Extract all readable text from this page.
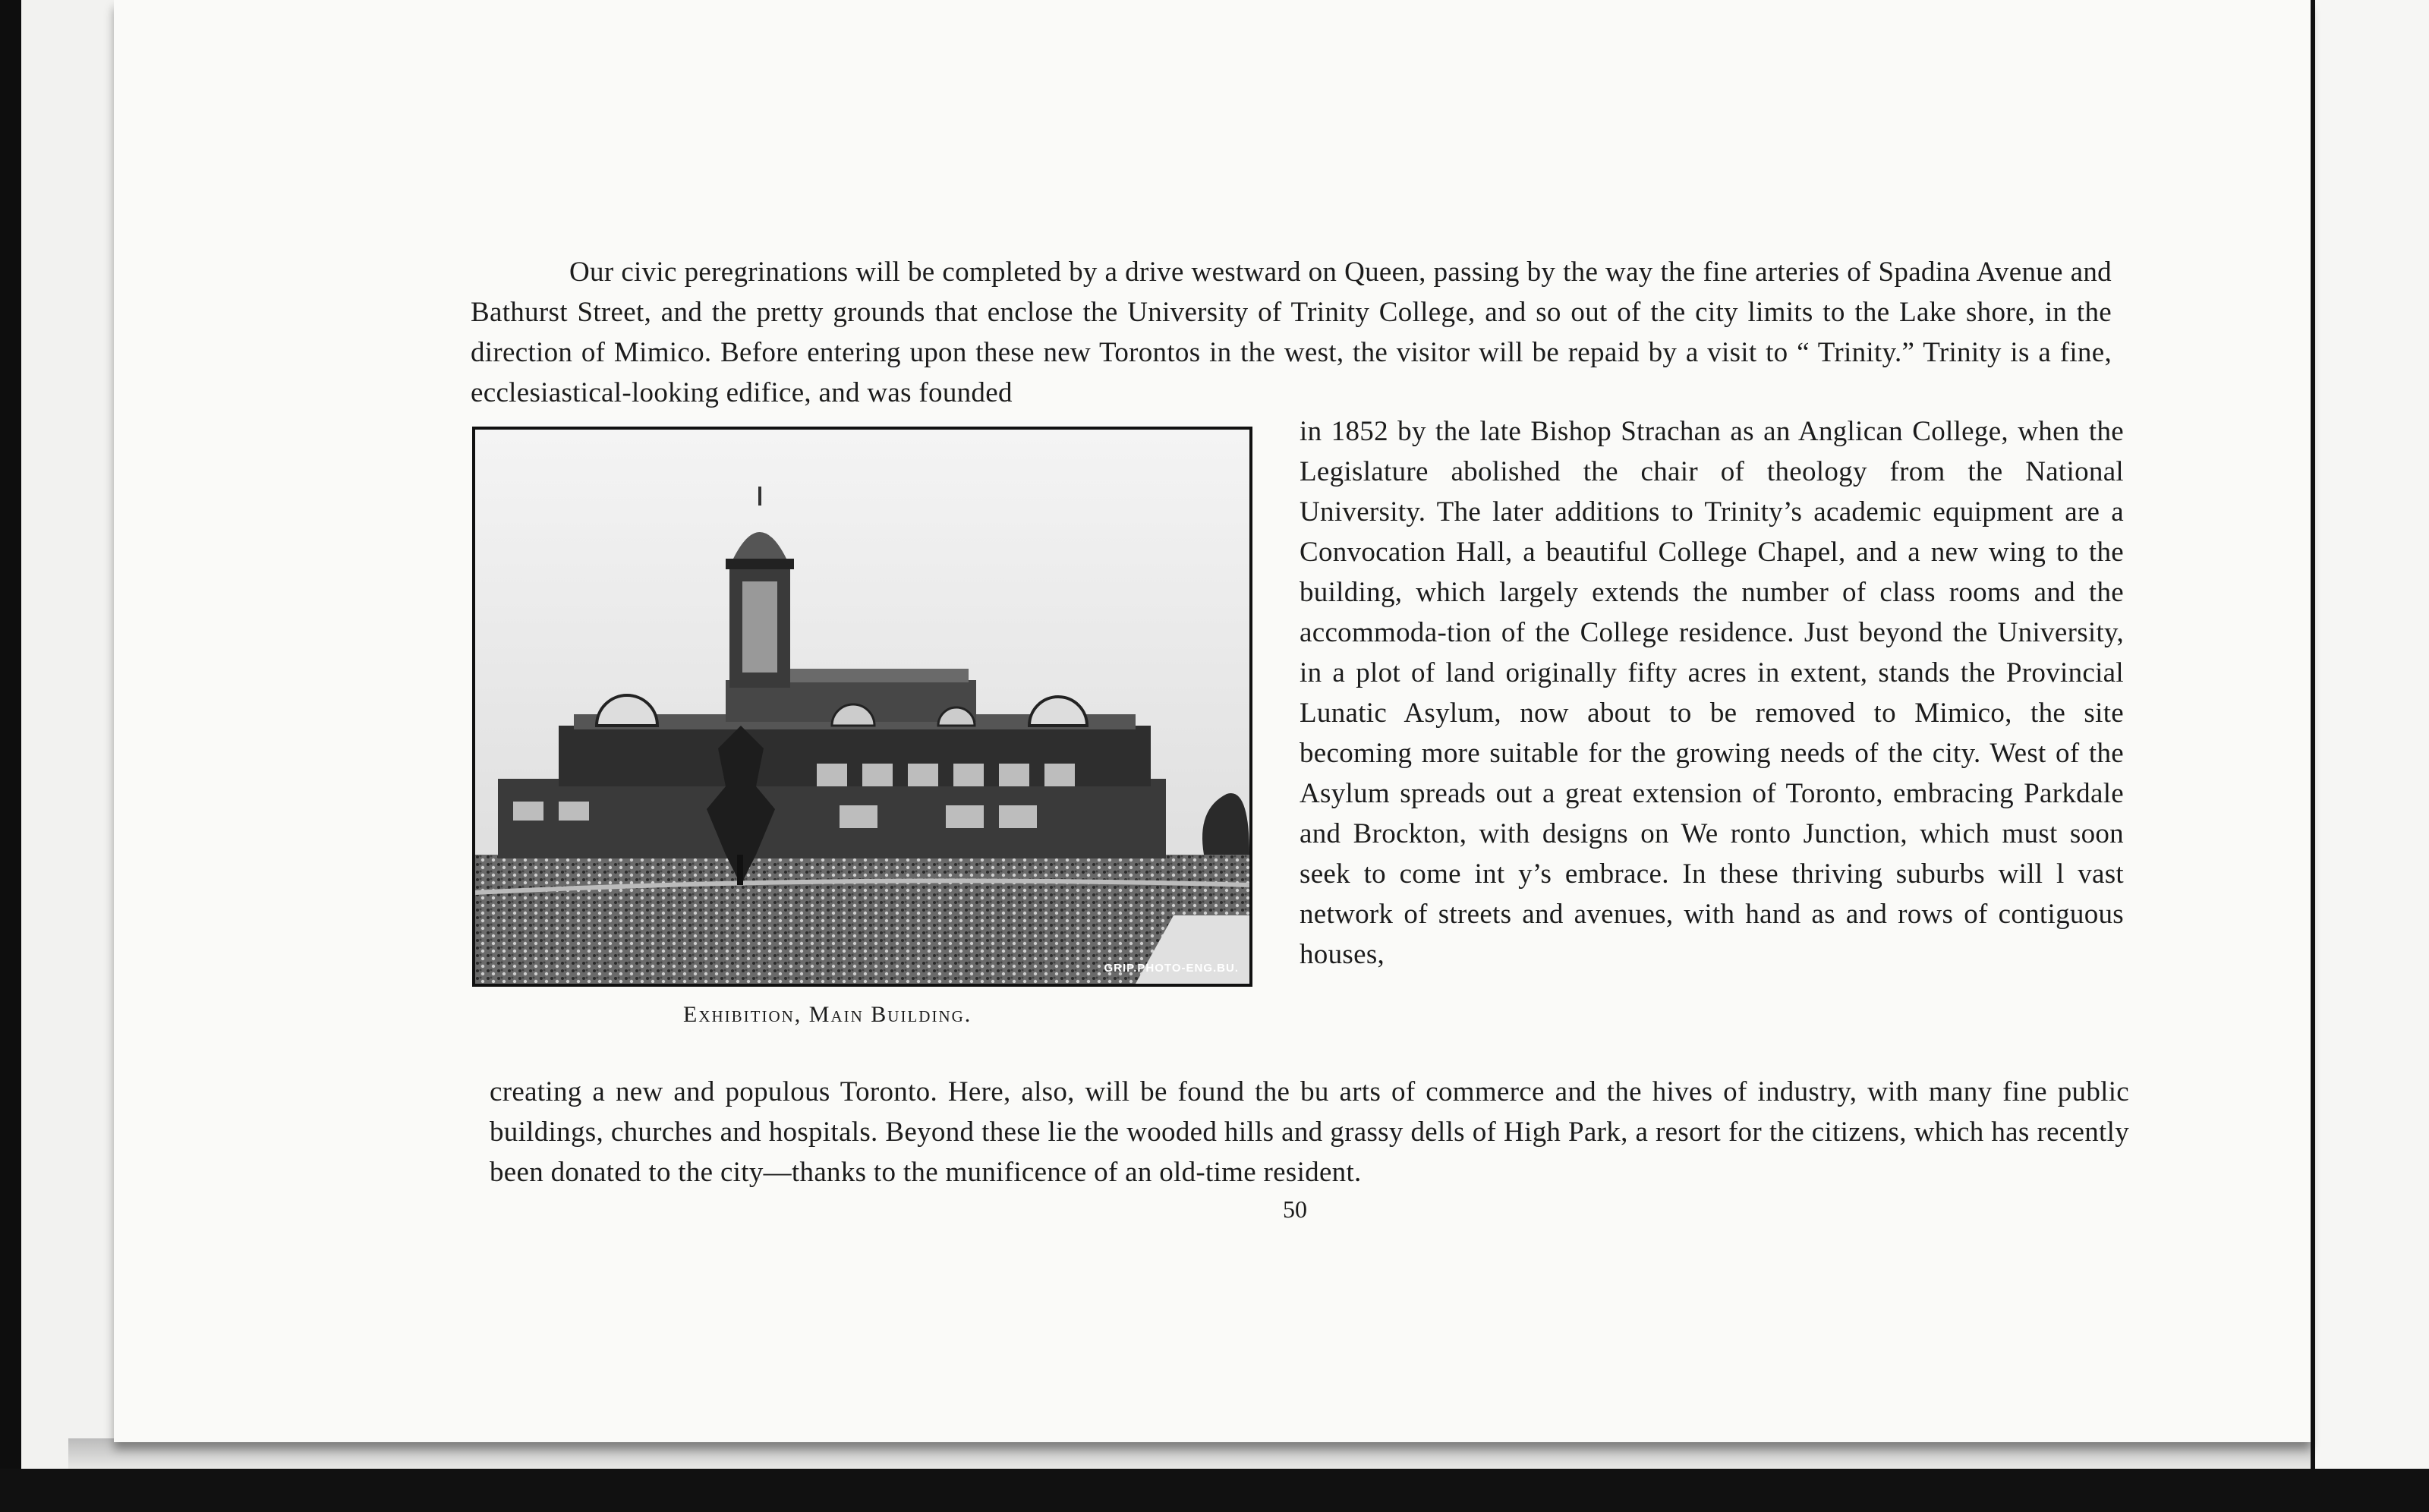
Our civic peregrinations will be completed by a drive westward on Queen, passing by the way the fine arteries of Spadina Avenue and Bathurst Street, and the pretty grounds that enclose the University of Trinity College, and so out of the city limits to the Lake shore, in the direction of Mimico. Before entering upon these new Torontos in the west, the visitor will be repaid by a visit to “ Trinity.” Trinity is a fine, ecclesiastical-looking edifice, and was founded

in 1852 by the late Bishop Strachan as an Anglican College, when the Legislature abolished the chair of theology from the National University. The later additions to Trinity’s academic equipment are a Convocation Hall, a beautiful College Chapel, and a new wing to the building, which largely extends the number of class rooms and the accommoda-tion of the College residence. Just beyond the University, in a plot of land originally fifty acres in extent, stands the Provincial Lunatic Asylum, now about to be removed to Mimico, the site becoming more suitable for the growing needs of the city. West of the Asylum spreads out a great extension of Toronto, embracing Parkdale and Brockton, with designs on We ronto Junction, which must soon seek to come int y’s embrace. In these thriving suburbs will l vast network of streets and avenues, with hand as and rows of contiguous houses,

creating a new and populous Toronto. Here, also, will be found the bu arts of commerce and the hives of industry, with many fine public buildings, churches and hospitals. Beyond these lie the wooded hills and grassy dells of High Park, a resort for the citizens, which has recently been donated to the city—thanks to the munificence of an old-time resident.

GRIP.PHOTO-ENG.BU.
Exhibition, Main Building.
50
